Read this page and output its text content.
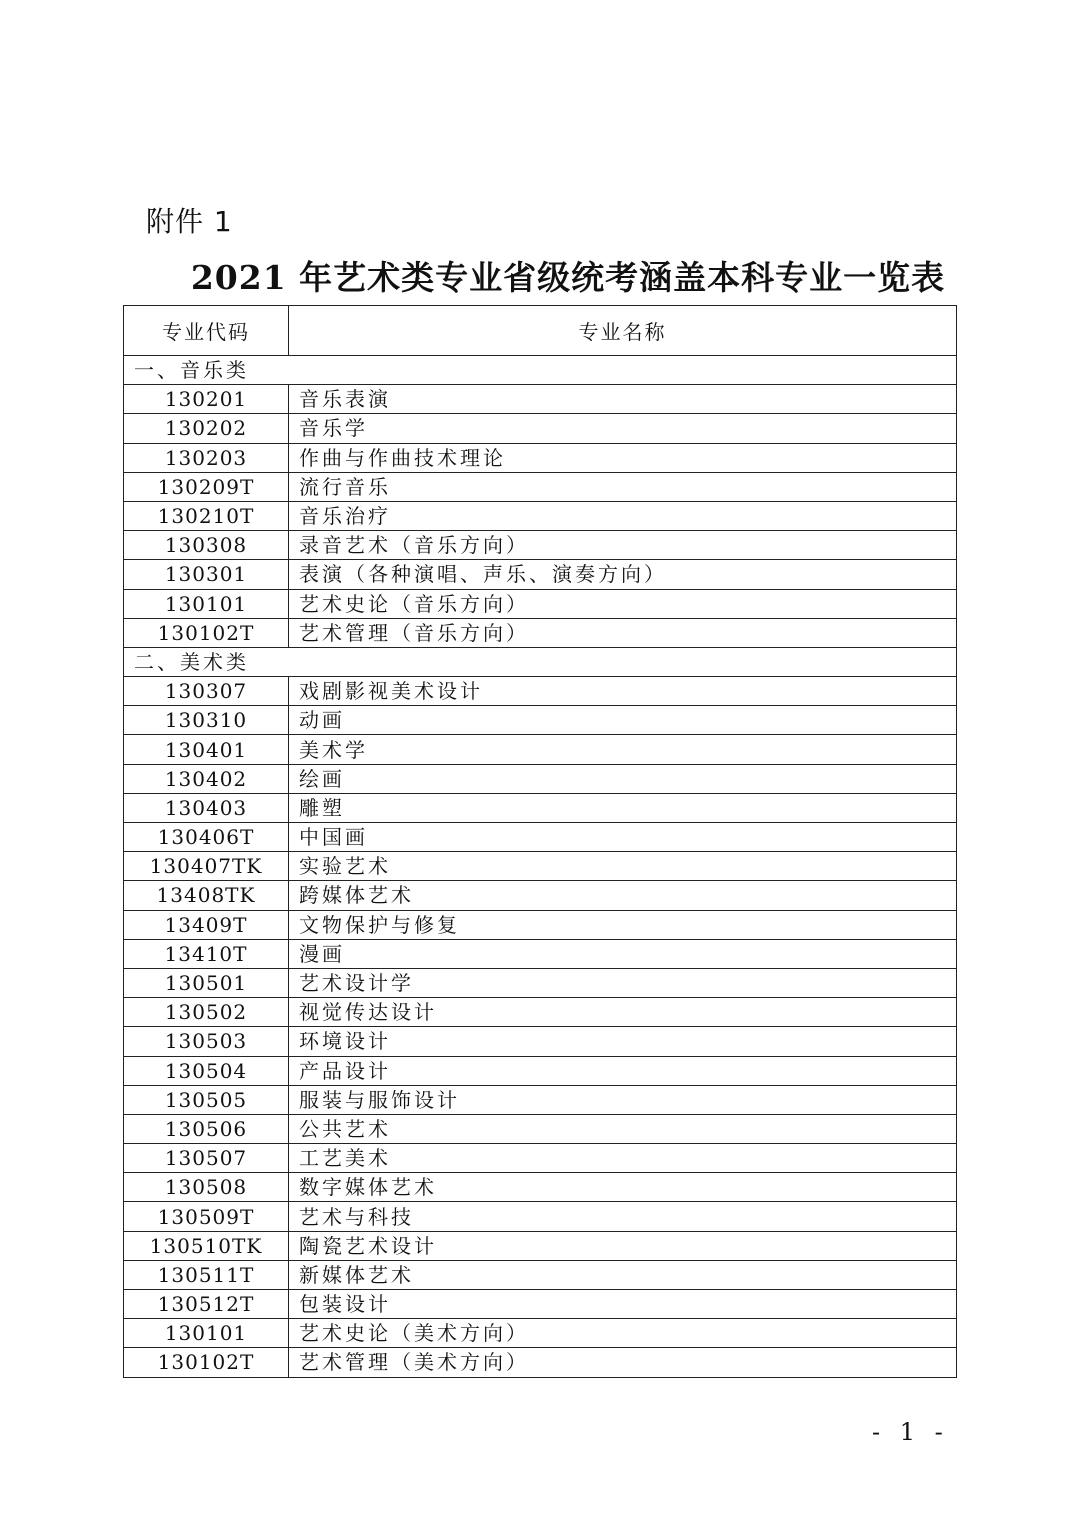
附件 1
2021 年艺术类专业省级统考涵盖本科专业一览表
专业代码	专业名称
一、音乐类	
130201	音乐表演
130202	音乐学
130203	作曲与作曲技术理论
130209T	流行音乐
130210T	音乐治疗
130308	录音艺术（音乐方向）
130301	表演（各种演唱、声乐、演奏方向）
130101	艺术史论（音乐方向）
130102T	艺术管理（音乐方向）
二、美术类	
130307	戏剧影视美术设计
130310	动画
130401	美术学
130402	绘画
130403	雕塑
130406T	中国画
130407TK	实验艺术
13408TK	跨媒体艺术
13409T	文物保护与修复
13410T	漫画
130501	艺术设计学
130502	视觉传达设计
130503	环境设计
130504	产品设计
130505	服装与服饰设计
130506	公共艺术
130507	工艺美术
130508	数字媒体艺术
130509T	艺术与科技
130510TK	陶瓷艺术设计
130511T	新媒体艺术
130512T	包装设计
130101	艺术史论（美术方向）
130102T	艺术管理（美术方向）
- 1 -
